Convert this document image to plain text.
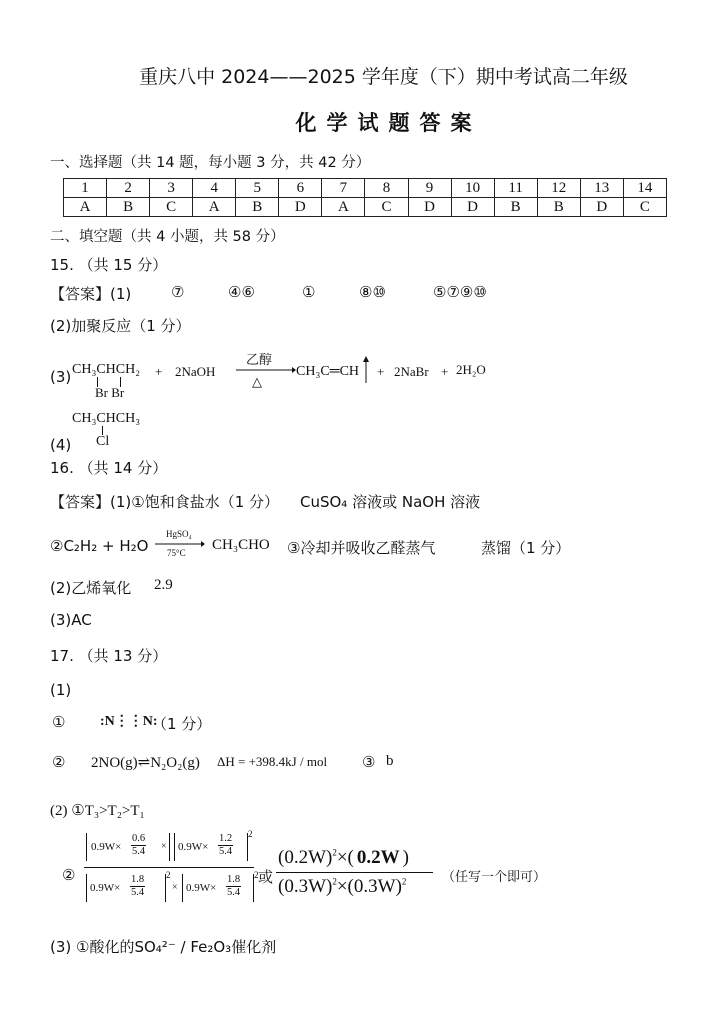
重庆八中 2024——2025 学年度（下）期中考试高二年级
化学试题答案
一、选择题（共 14 题，每小题 3 分，共 42 分）
1	2	3	4	5	6	7	8	9	10	11	12	13	14
A	B	C	A	B	D	A	C	D	D	B	B	D	C
二、填空题（共 4 小题，共 58 分）
15. （共 15 分）
【答案】(1)	⑦	④⑥	①	⑧⑩	⑤⑦⑨⑩
(2)加聚反应（1 分）
(3) CH₃CHCH₂
Br Br
+ 2NaOH
乙醇
△
CH₃C═CH + 2NaBr + 2H₂O
CH₃CHCH₃
(4) Cl
16. （共 14 分）
【答案】(1)①饱和食盐水（1 分） CuSO₄ 溶液或 NaOH 溶液
②C₂H₂ + H₂O
HgSO₄
75°C CH₃CHO ③冷却并吸收乙醛蒸气	蒸馏（1 分）
(2)乙烯氧化 2.9
(3)AC
17. （共 13 分）
(1)
① :N⋮⋮N:
（1 分）
② 2NO(g)⇌N₂O₂(g) ΔH = +398.4kJ / mol ③ b
(2) ①T₃>T₂>T₁
②
$0.9W\times \frac{0.6}{5.4} \times 0.9W\times \frac{1.2}{5.4} 2$
$0.9W\times \frac{1.8}{5.4} 2$
× $0.9W\times \frac{1.8}{5.4} 2$ 或
$(0.2W)^2\times$( 0.2W )
$(0.3W)^2\times(0.3W)^2$	（任写一个即可）
(3) ①酸化的SO₄²⁻ / Fe₂O₃催化剂
